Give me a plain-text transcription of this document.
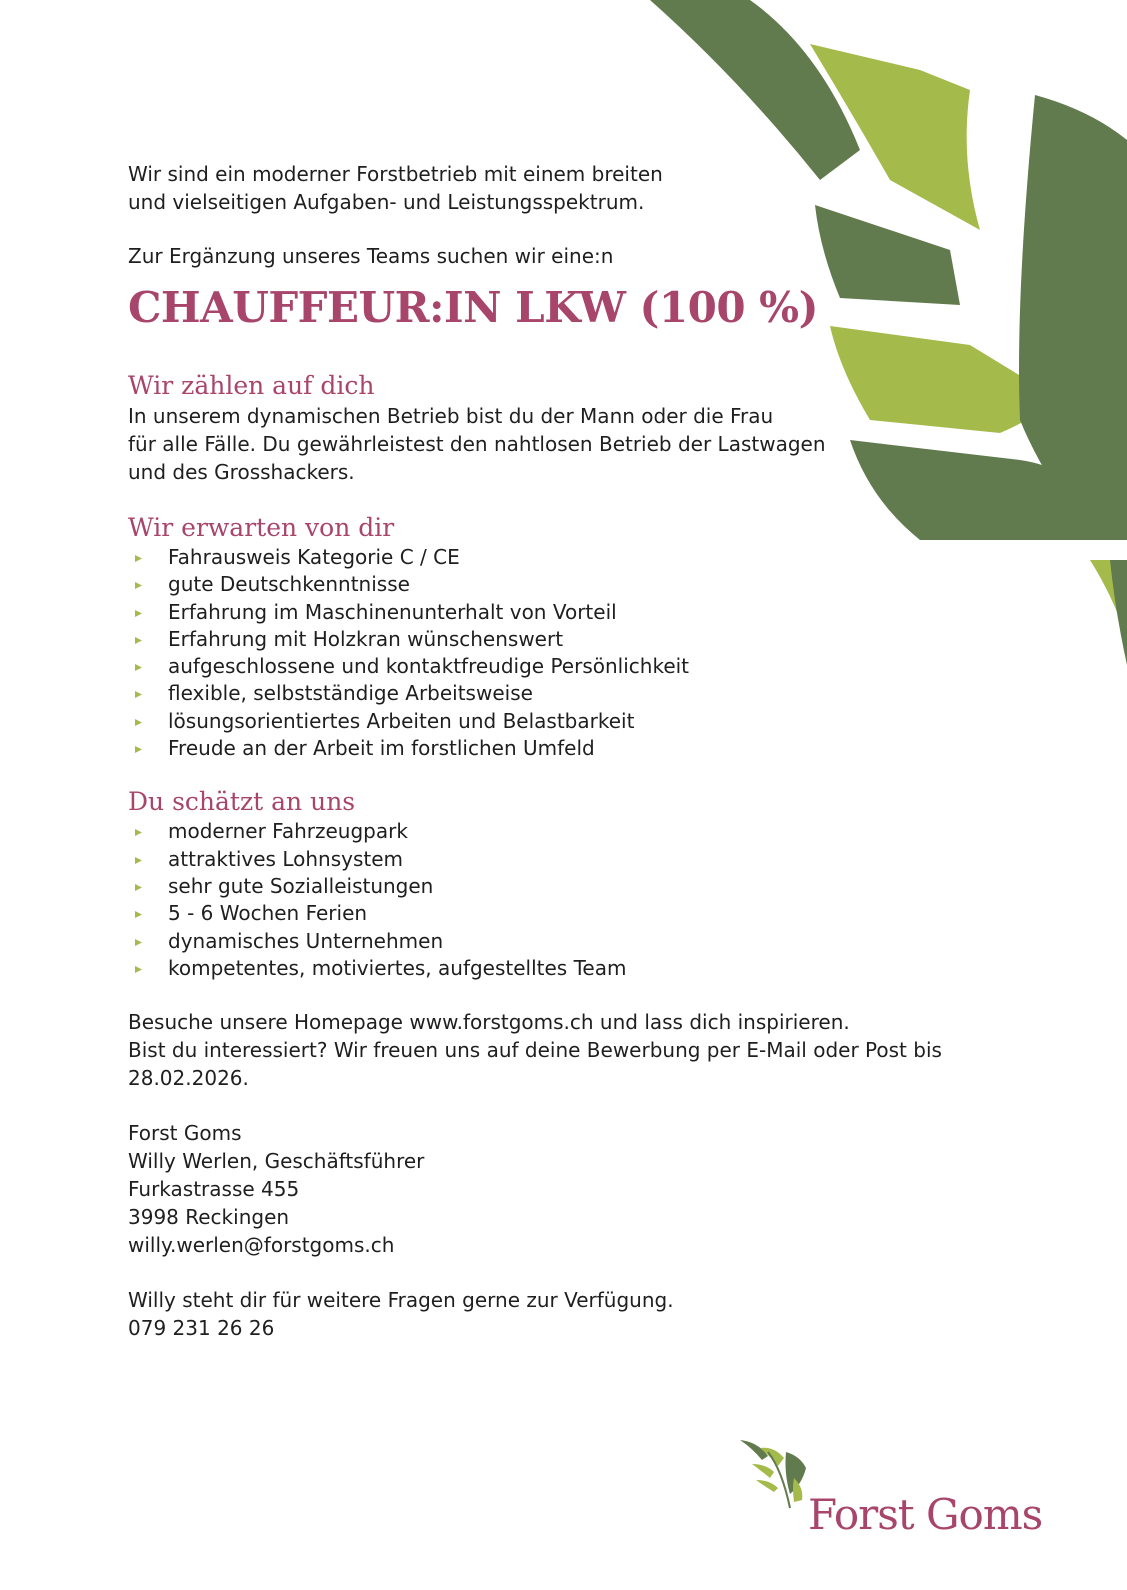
Wir sind ein moderner Forstbetrieb mit einem breiten
und vielseitigen Aufgaben- und Leistungsspektrum.

Zur Ergänzung unseres Teams suchen wir eine:n

CHAUFFEUR:IN LKW (100 %)
Wir zählen auf dich

In unserem dynamischen Betrieb bist du der Mann oder die Frau
für alle Fälle. Du gewährleistest den nahtlosen Betrieb der Lastwagen
und des Grosshackers.

Wir erwarten von dir
Fahrausweis Kategorie C / CE
gute Deutschkenntnisse
Erfahrung im Maschinenunterhalt von Vorteil
Erfahrung mit Holzkran wünschenswert
aufgeschlossene und kontaktfreudige Persönlichkeit
flexible, selbstständige Arbeitsweise
lösungsorientiertes Arbeiten und Belastbarkeit
Freude an der Arbeit im forstlichen Umfeld
Du schätzt an uns
moderner Fahrzeugpark
attraktives Lohnsystem
sehr gute Sozialleistungen
5 - 6 Wochen Ferien
dynamisches Unternehmen
kompetentes, motiviertes, aufgestelltes Team

Besuche unsere Homepage www.forstgoms.ch und lass dich inspirieren.
Bist du interessiert? Wir freuen uns auf deine Bewerbung per E-Mail oder Post bis
28.02.2026.

Forst Goms

Willy Werlen, Geschäftsführer

Furkastrasse 455

3998 Reckingen

willy.werlen@forstgoms.ch

Willy steht dir für weitere Fragen gerne zur Verfügung.

079 231 26 26

Forst Goms
